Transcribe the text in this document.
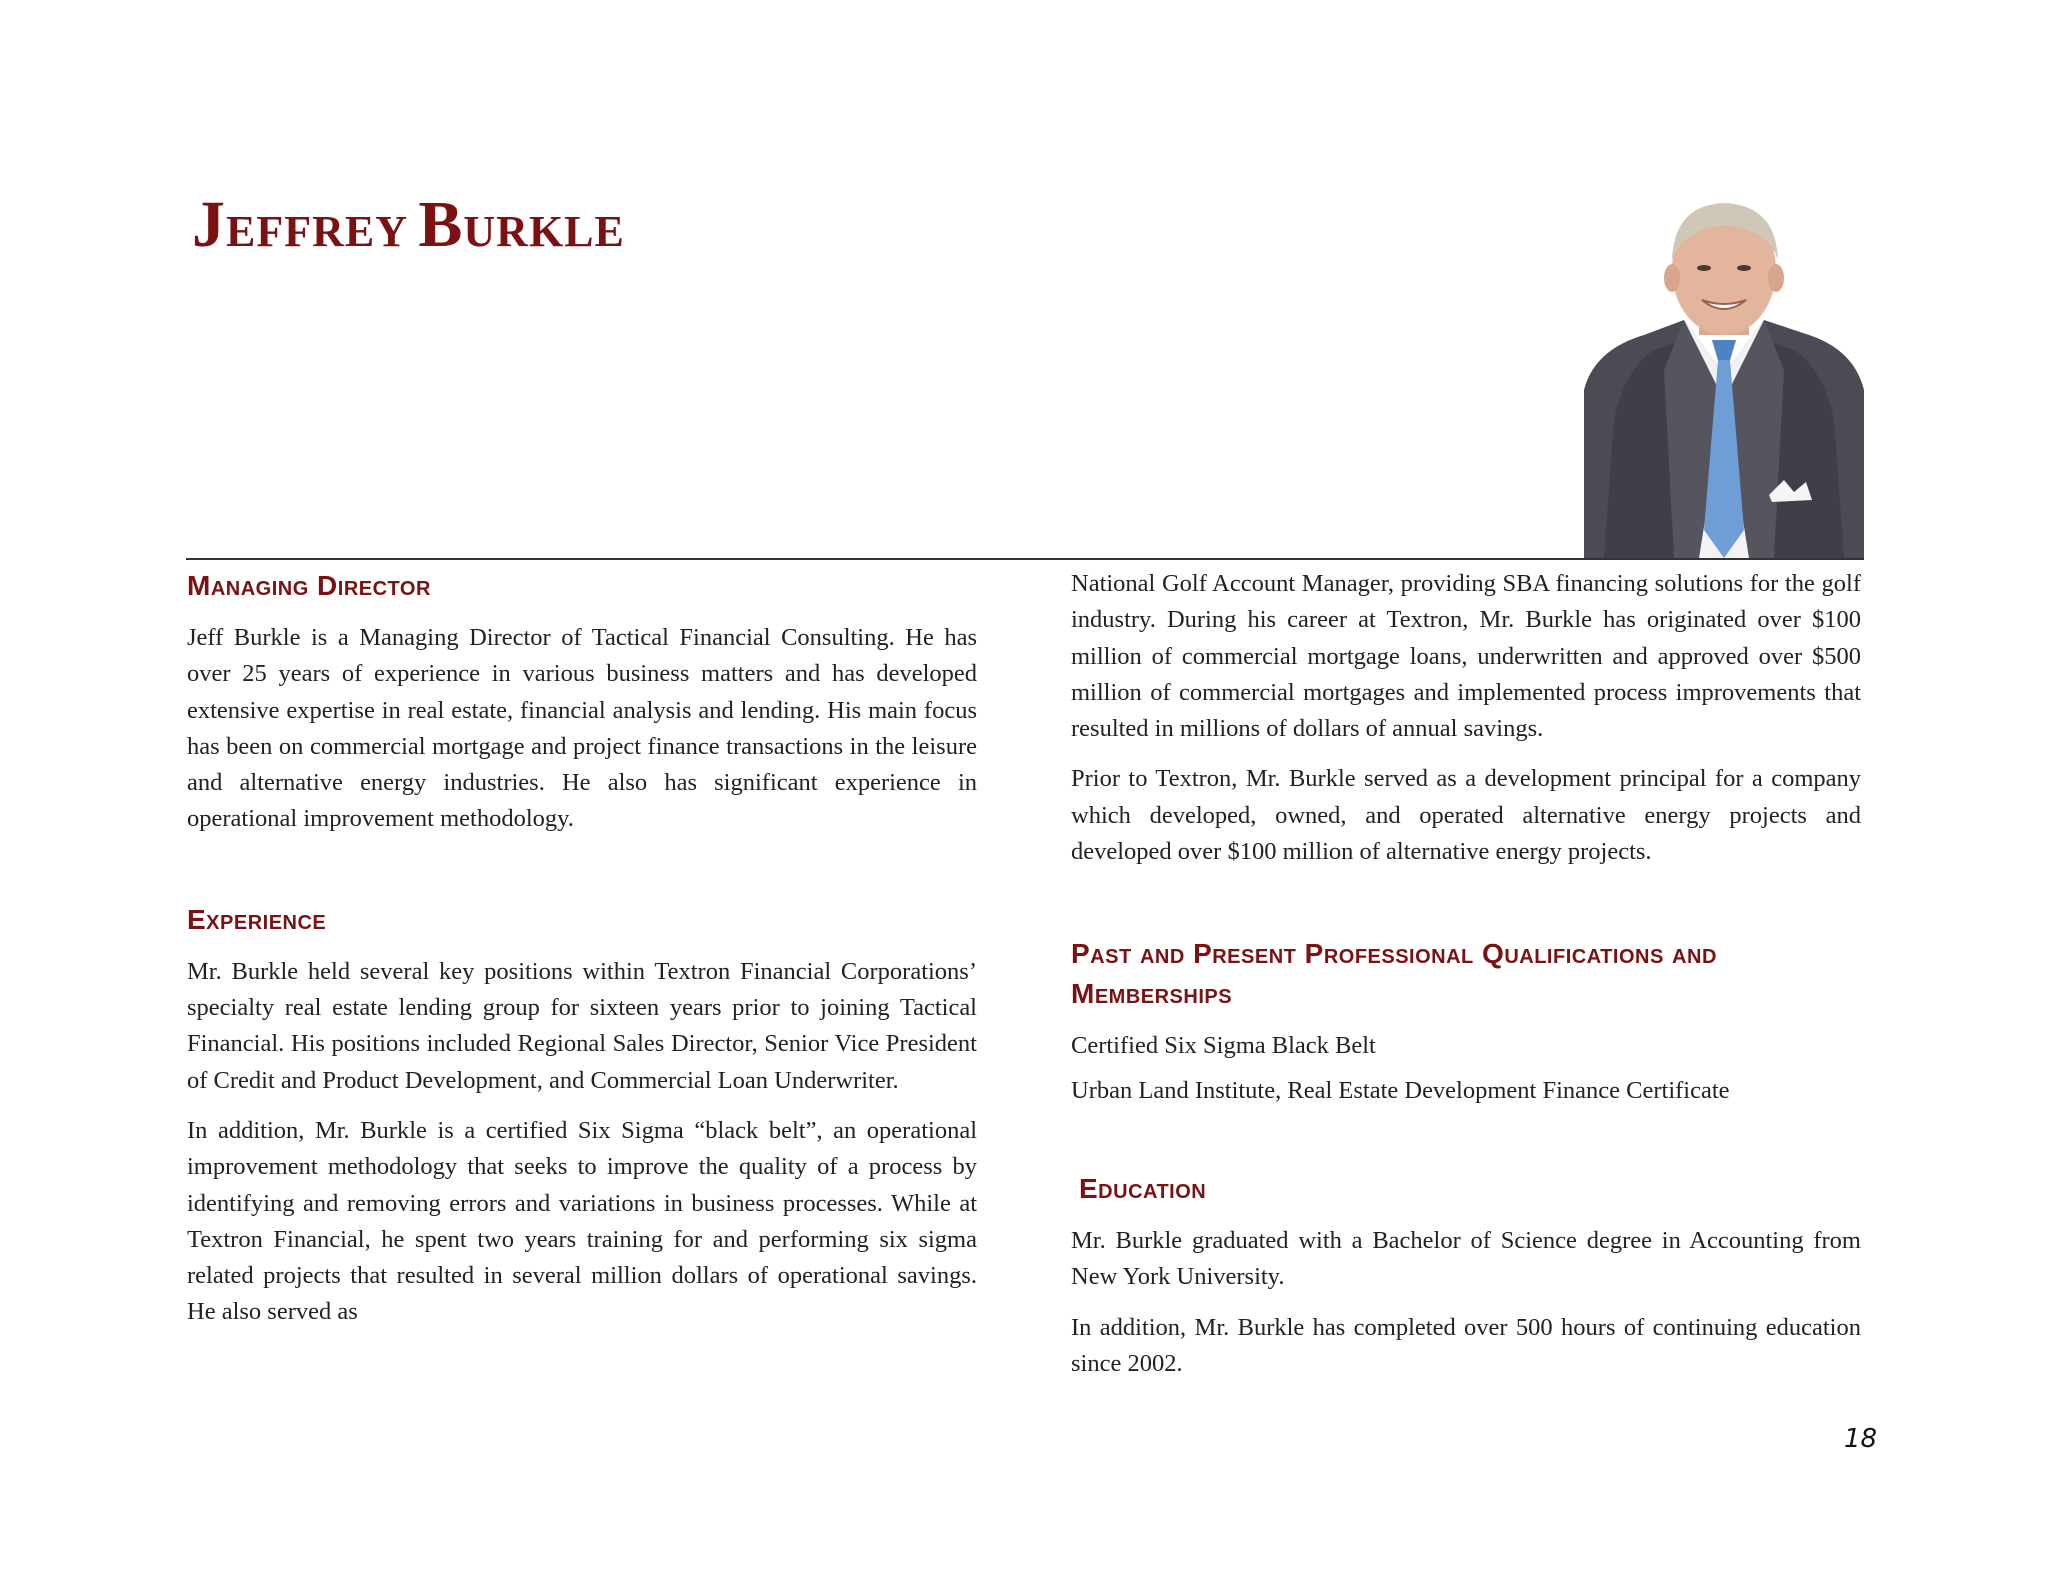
JEFFREY BURKLE
Managing Director

Jeff Burkle is a Managing Director of Tactical Financial Consulting. He has over 25 years of experience in various business matters and has developed extensive expertise in real estate, financial analysis and lending. His main focus has been on commercial mortgage and project finance transactions in the leisure and alternative energy industries. He also has significant experience in operational improvement methodology.

Experience

Mr. Burkle held several key positions within Textron Financial Corporations’ specialty real estate lending group for sixteen years prior to joining Tactical Financial. His positions included Regional Sales Director, Senior Vice President of Credit and Product Development, and Commercial Loan Underwriter.

In addition, Mr. Burkle is a certified Six Sigma “black belt”, an operational improvement methodology that seeks to improve the quality of a process by identifying and removing errors and variations in business processes. While at Textron Financial, he spent two years training for and performing six sigma related projects that resulted in several million dollars of operational savings. He also served as

National Golf Account Manager, providing SBA financing solutions for the golf industry. During his career at Textron, Mr. Burkle has originated over $100 million of commercial mortgage loans, underwritten and approved over $500 million of commercial mortgages and implemented process improvements that resulted in millions of dollars of annual savings.

Prior to Textron, Mr. Burkle served as a development principal for a company which developed, owned, and operated alternative energy projects and developed over $100 million of alternative energy projects.

Past and Present Professional Qualifications and Memberships

Certified Six Sigma Black Belt

Urban Land Institute, Real Estate Development Finance Certificate

Education

Mr. Burkle graduated with a Bachelor of Science degree in Accounting from New York University.

In addition, Mr. Burkle has completed over 500 hours of continuing education since 2002.

18
